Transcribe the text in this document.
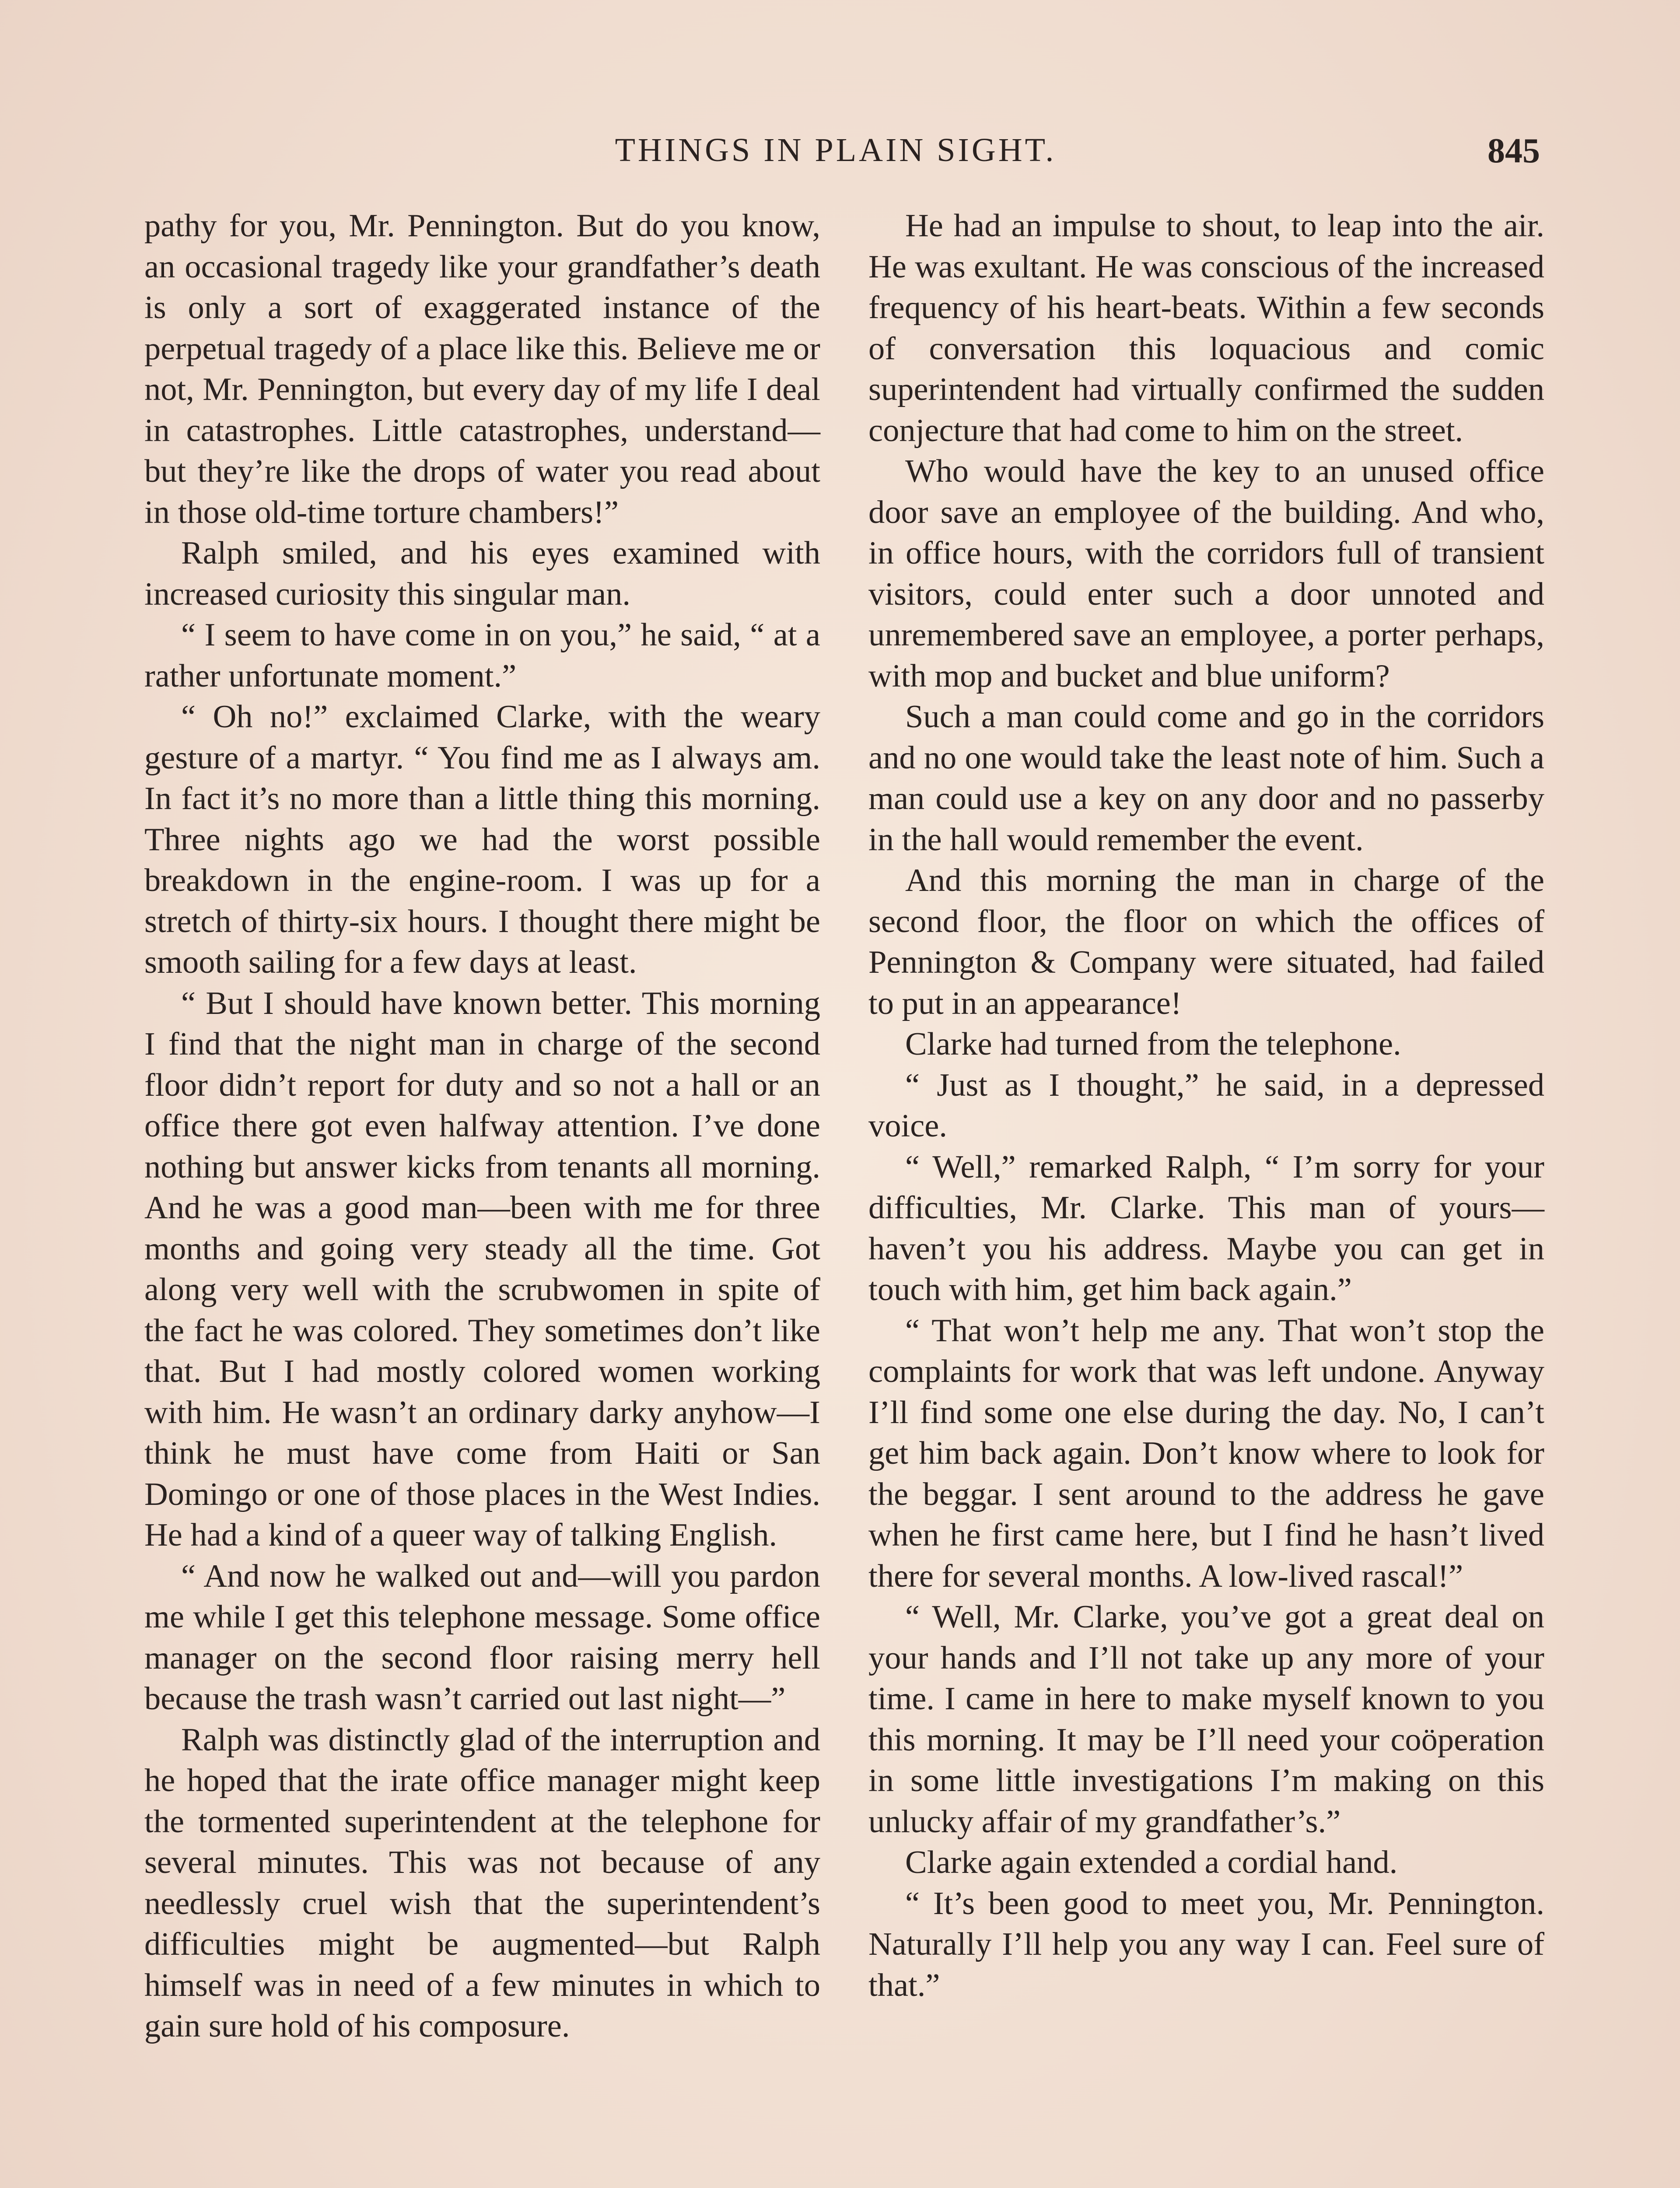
THINGS IN PLAIN SIGHT.	845

pathy for you, Mr. Pennington. But do you know, an occasional tragedy like your grandfather’s death is only a sort of exaggerated instance of the perpetual tragedy of a place like this. Believe me or not, Mr. Pennington, but every day of my life I deal in catastrophes. Little catastrophes, understand—but they’re like the drops of water you read about in those old-time torture chambers!”

Ralph smiled, and his eyes examined with increased curiosity this singular man.

“ I seem to have come in on you,” he said, “ at a rather unfortunate moment.”

“ Oh no!” exclaimed Clarke, with the weary gesture of a martyr. “ You find me as I always am. In fact it’s no more than a little thing this morning. Three nights ago we had the worst possible breakdown in the engine-room. I was up for a stretch of thirty-six hours. I thought there might be smooth sailing for a few days at least.

“ But I should have known better. This morning I find that the night man in charge of the second floor didn’t report for duty and so not a hall or an office there got even halfway attention. I’ve done nothing but answer kicks from tenants all morning. And he was a good man—been with me for three months and going very steady all the time. Got along very well with the scrubwomen in spite of the fact he was colored. They sometimes don’t like that. But I had mostly colored women working with him. He wasn’t an ordinary darky anyhow—I think he must have come from Haiti or San Domingo or one of those places in the West Indies. He had a kind of a queer way of talking English.

“ And now he walked out and—will you pardon me while I get this telephone message. Some office manager on the second floor raising merry hell because the trash wasn’t carried out last night—”

Ralph was distinctly glad of the interruption and he hoped that the irate office manager might keep the tormented superintendent at the telephone for several minutes. This was not because of any needlessly cruel wish that the superintendent’s difficulties might be augmented—but Ralph himself was in need of a few minutes in which to gain sure hold of his composure.

He had an impulse to shout, to leap into the air. He was exultant. He was conscious of the increased frequency of his heart-beats. Within a few seconds of conversation this loquacious and comic superintendent had virtually confirmed the sudden conjecture that had come to him on the street.

Who would have the key to an unused office door save an employee of the building. And who, in office hours, with the corridors full of transient visitors, could enter such a door unnoted and unremembered save an employee, a porter perhaps, with mop and bucket and blue uniform?

Such a man could come and go in the corridors and no one would take the least note of him. Such a man could use a key on any door and no passerby in the hall would remember the event.

And this morning the man in charge of the second floor, the floor on which the offices of Pennington & Company were situated, had failed to put in an appearance!

Clarke had turned from the telephone.

“ Just as I thought,” he said, in a depressed voice.

“ Well,” remarked Ralph, “ I’m sorry for your difficulties, Mr. Clarke. This man of yours—haven’t you his address. Maybe you can get in touch with him, get him back again.”

“ That won’t help me any. That won’t stop the complaints for work that was left undone. Anyway I’ll find some one else during the day. No, I can’t get him back again. Don’t know where to look for the beggar. I sent around to the address he gave when he first came here, but I find he hasn’t lived there for several months. A low-lived rascal!”

“ Well, Mr. Clarke, you’ve got a great deal on your hands and I’ll not take up any more of your time. I came in here to make myself known to you this morning. It may be I’ll need your coöperation in some little investigations I’m making on this unlucky affair of my grandfather’s.”

Clarke again extended a cordial hand.

“ It’s been good to meet you, Mr. Pennington. Naturally I’ll help you any way I can. Feel sure of that.”
